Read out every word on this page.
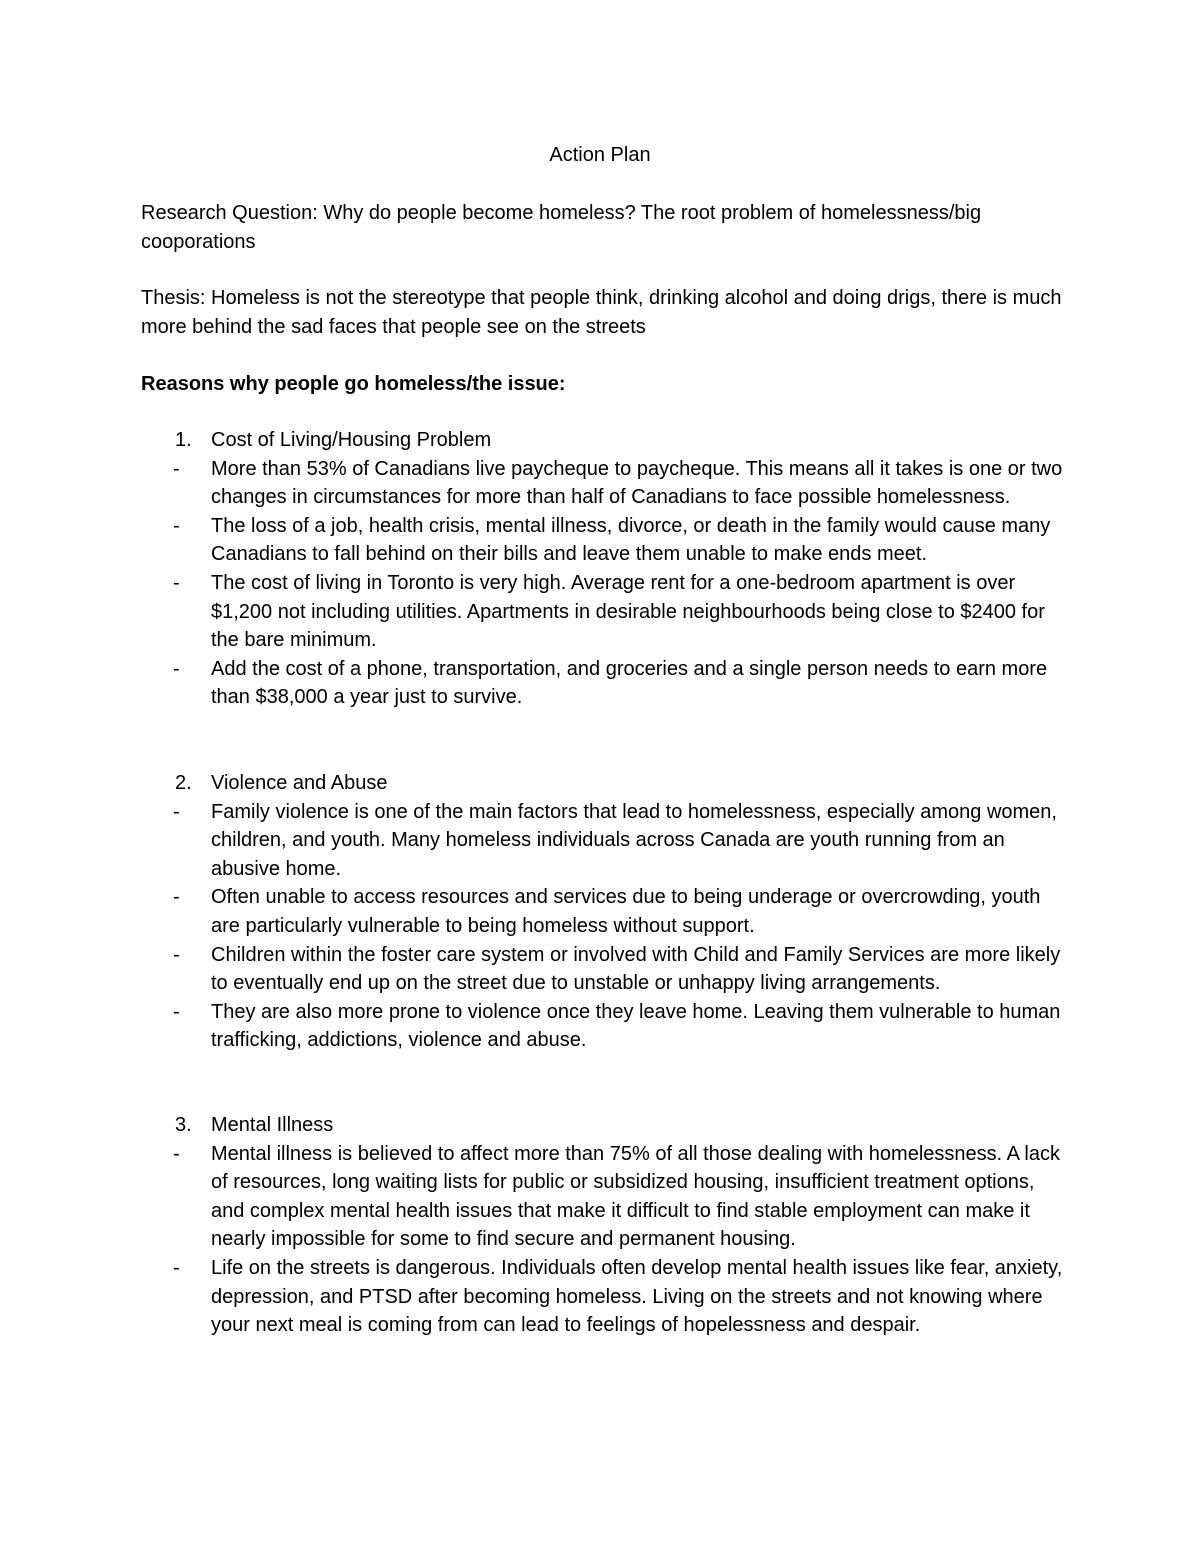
Action Plan

Research Question: Why do people become homeless? The root problem of homelessness/big cooporations

Thesis: Homeless is not the stereotype that people think, drinking alcohol and doing drigs, there is much more behind the sad faces that people see on the streets

Reasons why people go homeless/the issue:

1. Cost of Living/Housing Problem
- More than 53% of Canadians live paycheque to paycheque. This means all it takes is one or two changes in circumstances for more than half of Canadians to face possible homelessness.
- The loss of a job, health crisis, mental illness, divorce, or death in the family would cause many Canadians to fall behind on their bills and leave them unable to make ends meet.
- The cost of living in Toronto is very high. Average rent for a one-bedroom apartment is over $1,200 not including utilities. Apartments in desirable neighbourhoods being close to $2400 for the bare minimum.
- Add the cost of a phone, transportation, and groceries and a single person needs to earn more than $38,000 a year just to survive.
2. Violence and Abuse
- Family violence is one of the main factors that lead to homelessness, especially among women, children, and youth. Many homeless individuals across Canada are youth running from an abusive home.
- Often unable to access resources and services due to being underage or overcrowding, youth are particularly vulnerable to being homeless without support.
- Children within the foster care system or involved with Child and Family Services are more likely to eventually end up on the street due to unstable or unhappy living arrangements.
- They are also more prone to violence once they leave home. Leaving them vulnerable to human trafficking, addictions, violence and abuse.
3. Mental Illness
- Mental illness is believed to affect more than 75% of all those dealing with homelessness. A lack of resources, long waiting lists for public or subsidized housing, insufficient treatment options, and complex mental health issues that make it difficult to find stable employment can make it nearly impossible for some to find secure and permanent housing.
- Life on the streets is dangerous. Individuals often develop mental health issues like fear, anxiety, depression, and PTSD after becoming homeless. Living on the streets and not knowing where your next meal is coming from can lead to feelings of hopelessness and despair.
